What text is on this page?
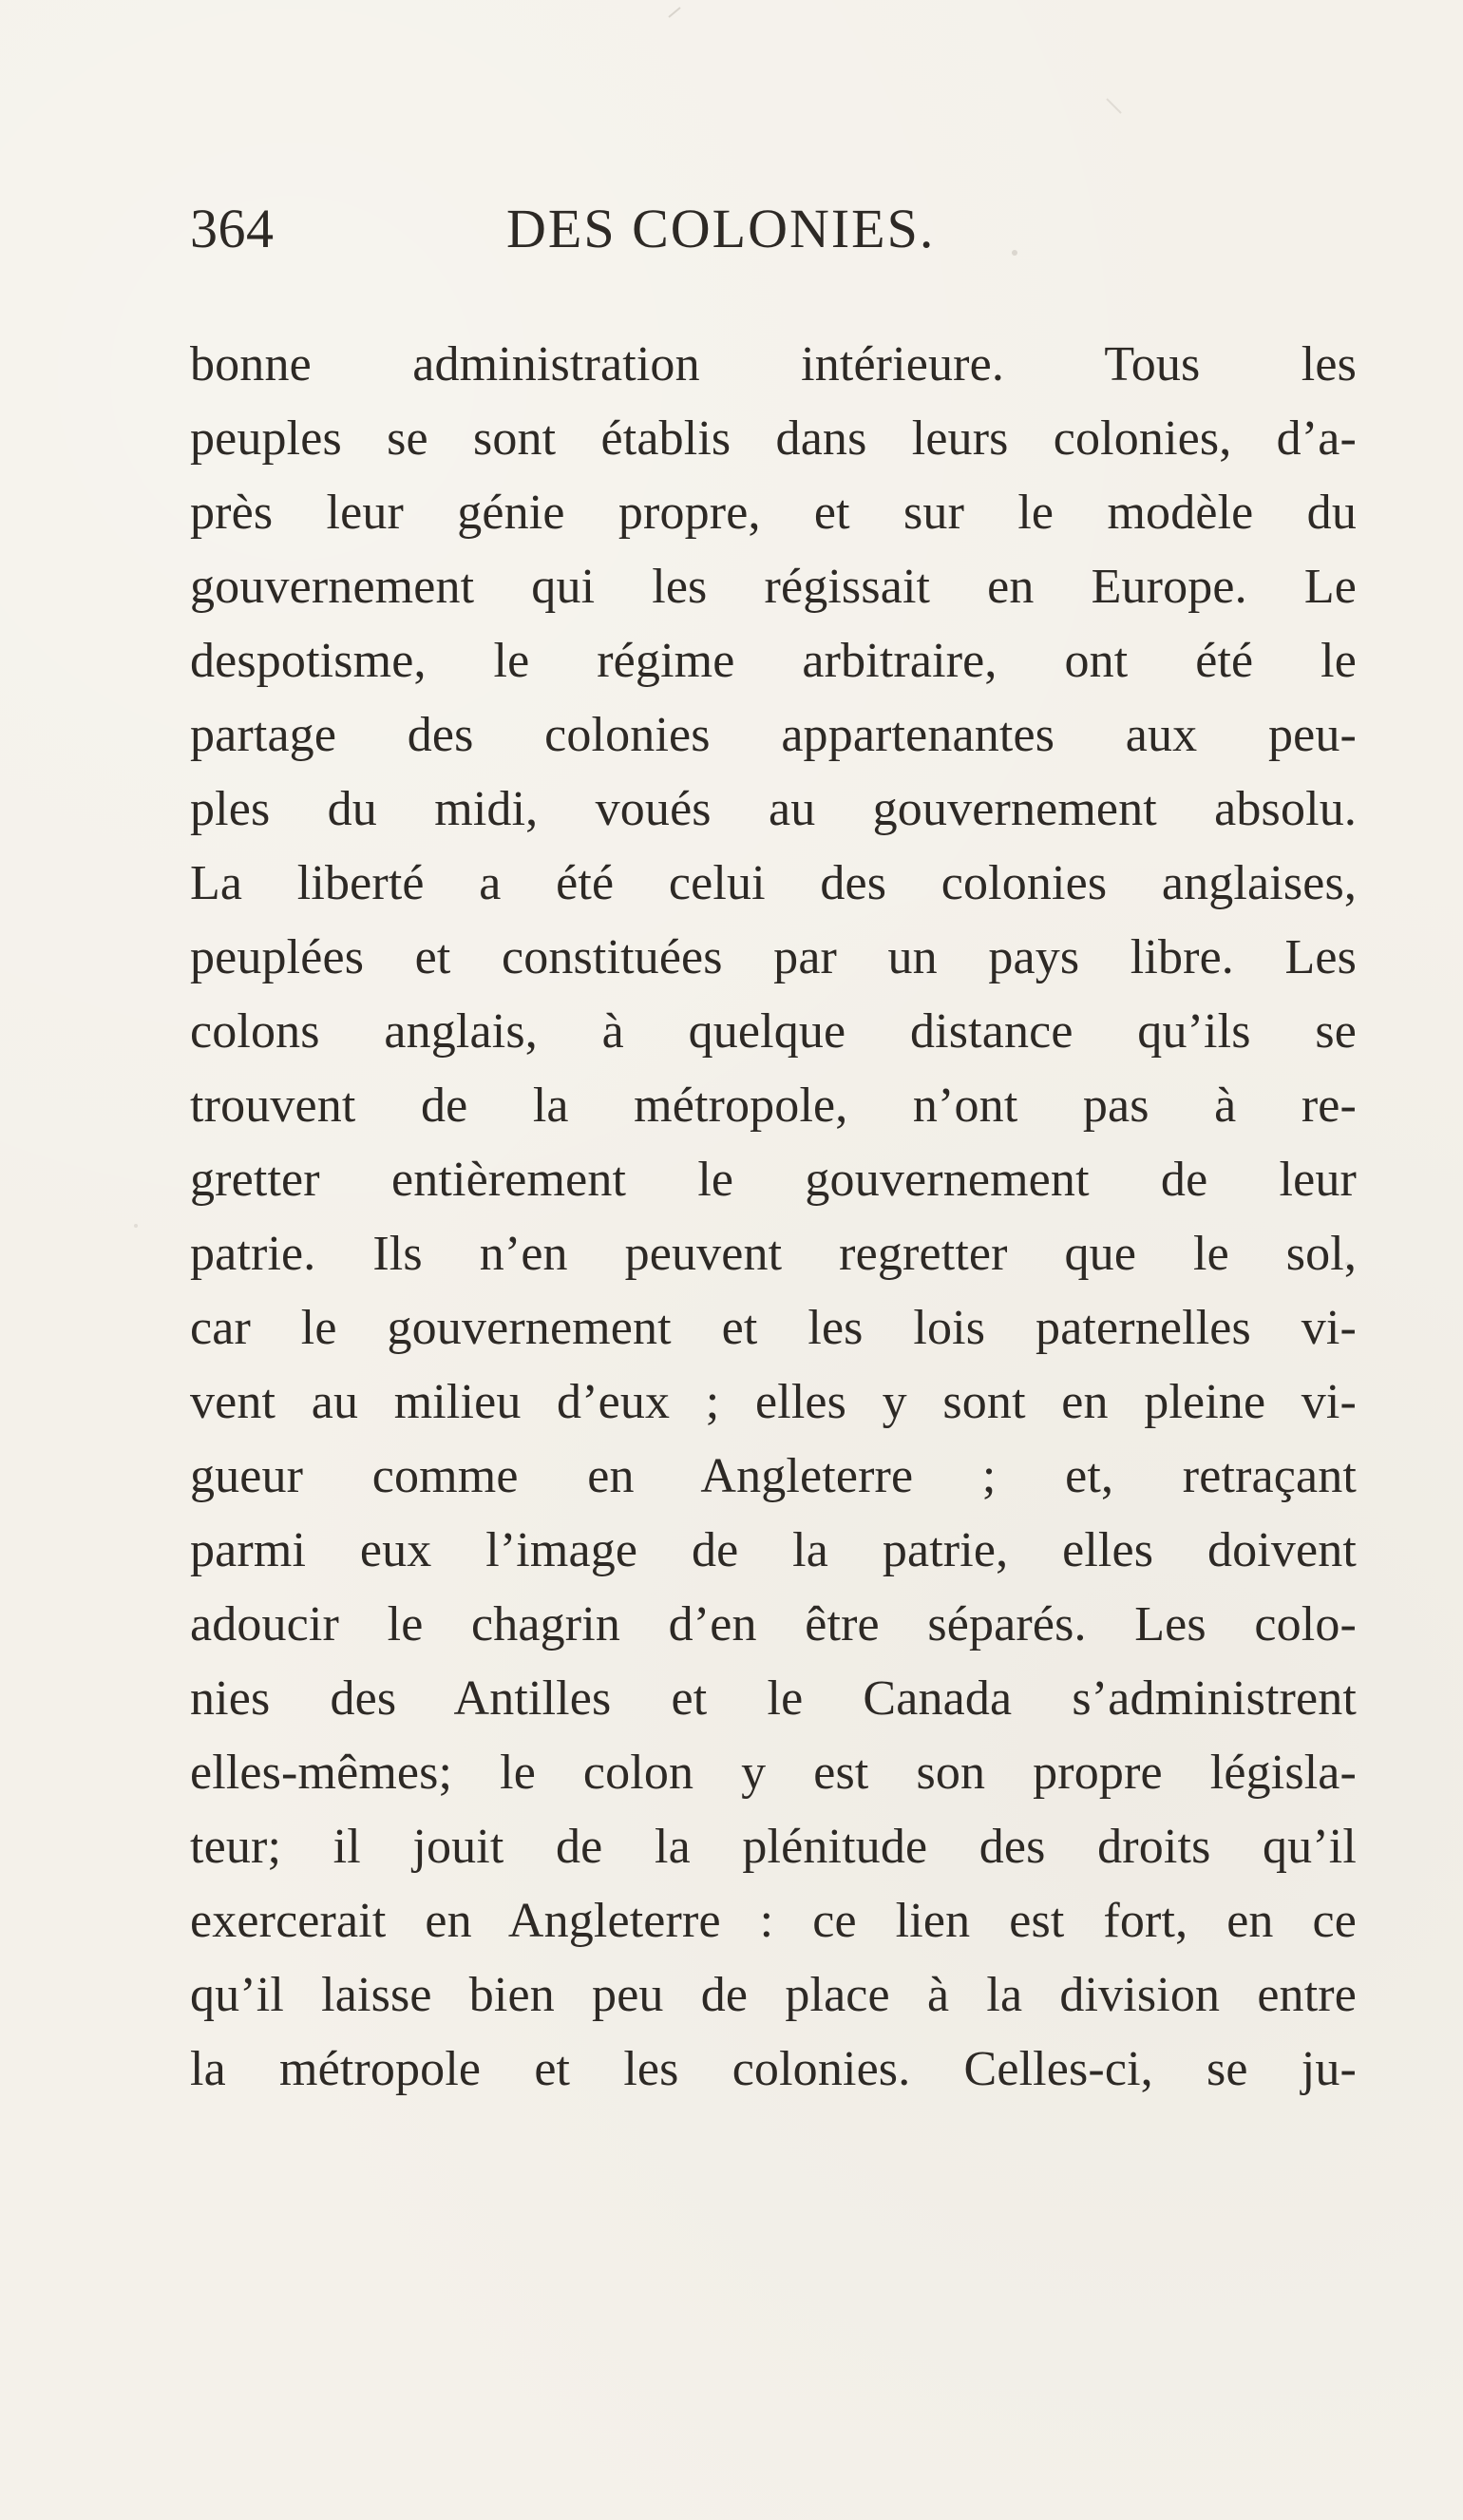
364	DES COLONIES.
bonne administration intérieure. Tous les
peuples se sont établis dans leurs colonies, d’a-
près leur génie propre, et sur le modèle du
gouvernement qui les régissait en Europe. Le
despotisme, le régime arbitraire, ont été le
partage des colonies appartenantes aux peu-
ples du midi, voués au gouvernement absolu.
La liberté a été celui des colonies anglaises,
peuplées et constituées par un pays libre. Les
colons anglais, à quelque distance qu’ils se
trouvent de la métropole, n’ont pas à re-
gretter entièrement le gouvernement de leur
patrie. Ils n’en peuvent regretter que le sol,
car le gouvernement et les lois paternelles vi-
vent au milieu d’eux ; elles y sont en pleine vi-
gueur comme en Angleterre ; et, retraçant
parmi eux l’image de la patrie, elles doivent
adoucir le chagrin d’en être séparés. Les colo-
nies des Antilles et le Canada s’administrent
elles-mêmes; le colon y est son propre législa-
teur; il jouit de la plénitude des droits qu’il
exercerait en Angleterre : ce lien est fort, en ce
qu’il laisse bien peu de place à la division entre
la métropole et les colonies. Celles-ci, se ju-
